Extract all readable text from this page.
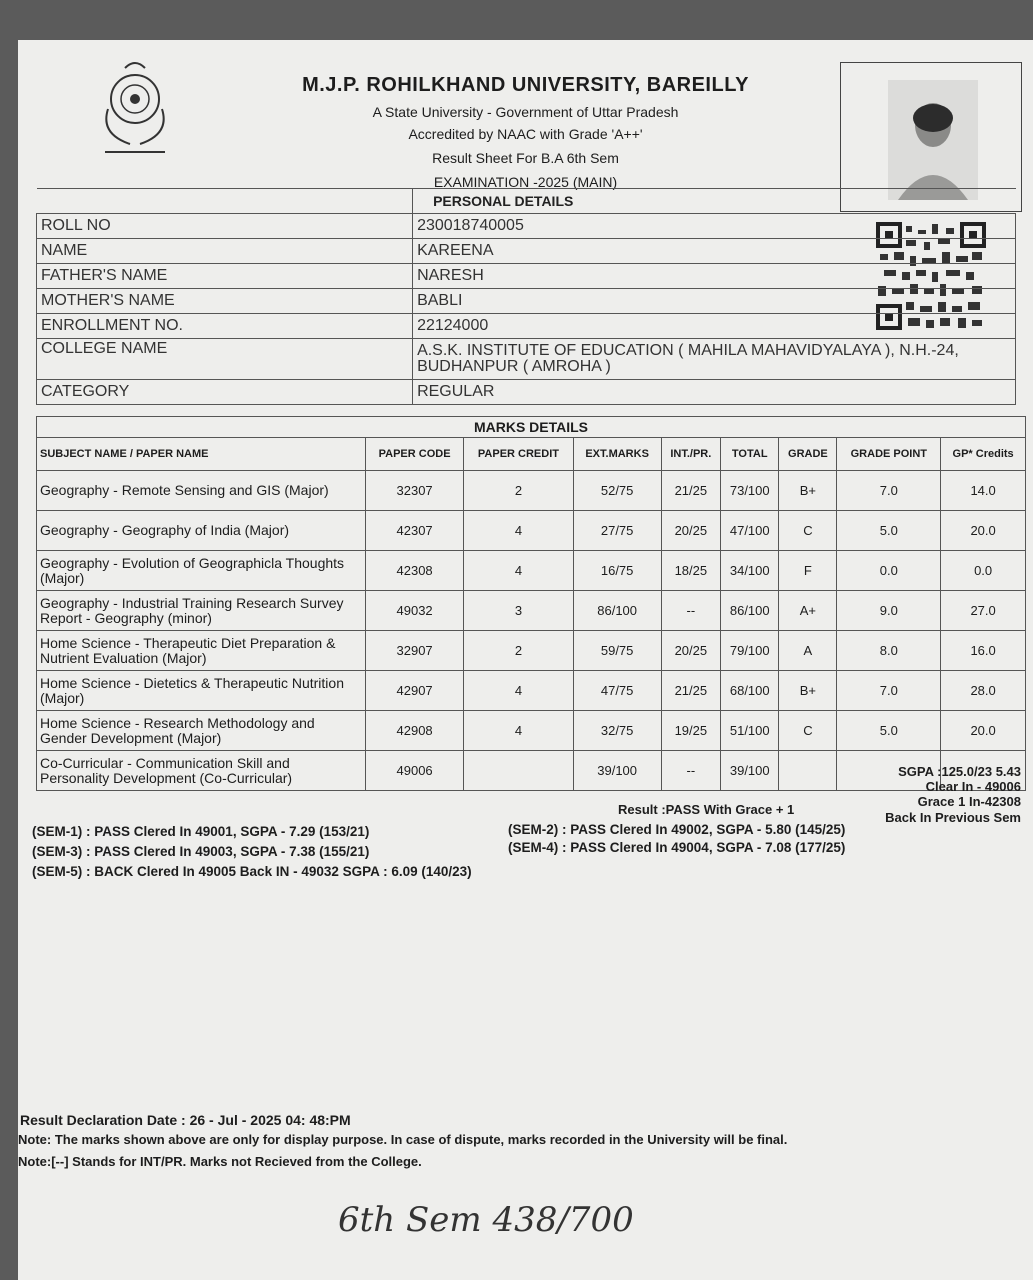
M.J.P. ROHILKHAND UNIVERSITY, BAREILLY
A State University - Government of Uttar Pradesh
Accredited by NAAC with Grade 'A++'
Result Sheet For B.A 6th Sem
EXAMINATION -2025 (MAIN)
	PERSONAL DETAILS
ROLL NO	230018740005
NAME	KAREENA
FATHER'S NAME	NARESH
MOTHER'S NAME	BABLI
ENROLLMENT NO.	22124000
COLLEGE NAME	A.S.K. INSTITUTE OF EDUCATION ( MAHILA MAHAVIDYALAYA ), N.H.-24, BUDHANPUR ( AMROHA )
CATEGORY	REGULAR
MARKS DETAILS								
SUBJECT NAME / PAPER NAME	PAPER CODE	PAPER CREDIT	EXT.MARKS	INT./PR.	TOTAL	GRADE	GRADE POINT	GP* Credits
Geography - Remote Sensing and GIS (Major)	32307	2	52/75	21/25	73/100	B+	7.0	14.0
Geography - Geography of India (Major)	42307	4	27/75	20/25	47/100	C	5.0	20.0
Geography - Evolution of Geographicla Thoughts (Major)	42308	4	16/75	18/25	34/100	F	0.0	0.0
Geography - Industrial Training Research Survey Report - Geography (minor)	49032	3	86/100	--	86/100	A+	9.0	27.0
Home Science - Therapeutic Diet Preparation & Nutrient Evaluation (Major)	32907	2	59/75	20/25	79/100	A	8.0	16.0
Home Science - Dietetics & Therapeutic Nutrition (Major)	42907	4	47/75	21/25	68/100	B+	7.0	28.0
Home Science - Research Methodology and Gender Development (Major)	42908	4	32/75	19/25	51/100	C	5.0	20.0
Co-Curricular - Communication Skill and Personality Development (Co-Curricular)	49006		39/100	--	39/100				SGPA :125.0/23 5.43
Clear In - 49006
Grace 1 In-42308
Back In Previous Sem
Result :PASS With Grace + 1
(SEM-1) : PASS Clered In 49001, SGPA - 7.29 (153/21)	(SEM-2) : PASS Clered In 49002, SGPA - 5.80 (145/25)
(SEM-3) : PASS Clered In 49003, SGPA - 7.38 (155/21)	(SEM-4) : PASS Clered In 49004, SGPA - 7.08 (177/25)
(SEM-5) : BACK Clered In 49005 Back IN - 49032 SGPA : 6.09 (140/23)
Result Declaration Date : 26 - Jul - 2025 04: 48:PM
Note: The marks shown above are only for display purpose. In case of dispute, marks recorded in the University will be final.
Note:[--] Stands for INT/PR. Marks not Recieved from the College.
6th Sem 438/700
